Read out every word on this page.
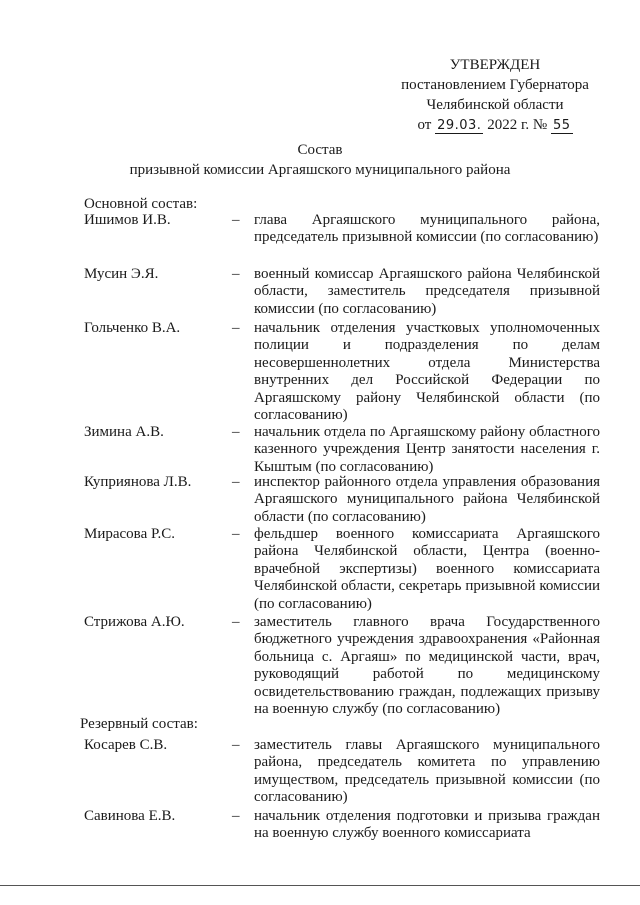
УТВЕРЖДЕН
постановлением Губернатора
Челябинской области
от 29.03. 2022 г. № 55
Состав
призывной комиссии Аргаяшского муниципального района
Основной состав:
Ишимов И.В.	– глава Аргаяшского муниципального района, председатель призывной комиссии (по согласованию)
Мусин Э.Я.	– военный комиссар Аргаяшского района Челябинской области, заместитель председателя призывной комиссии (по согласованию)
Гольченко В.А.	– начальник отделения участковых уполномоченных полиции и подразделения по делам несовершеннолетних отдела Министерства внутренних дел Российской Федерации по Аргаяшскому району Челябинской области (по согласованию)
Зимина А.В.	– начальник отдела по Аргаяшскому району областного казенного учреждения Центр занятости населения г. Кыштым (по согласованию)
Куприянова Л.В.	– инспектор районного отдела управления образования Аргаяшского муниципального района Челябинской области (по согласованию)
Мирасова Р.С.	– фельдшер военного комиссариата Аргаяшского района Челябинской области, Центра (военно-врачебной экспертизы) военного комиссариата Челябинской области, секретарь призывной комиссии (по согласованию)
Стрижова А.Ю.	– заместитель главного врача Государственного бюджетного учреждения здравоохранения «Районная больница с. Аргаяш» по медицинской части, врач, руководящий работой по медицинскому освидетельствованию граждан, подлежащих призыву на военную службу (по согласованию)
Резервный состав:
Косарев С.В.	– заместитель главы Аргаяшского муниципального района, председатель комитета по управлению имуществом, председатель призывной комиссии (по согласованию)
Савинова Е.В.	– начальник отделения подготовки и призыва граждан на военную службу военного комиссариата
